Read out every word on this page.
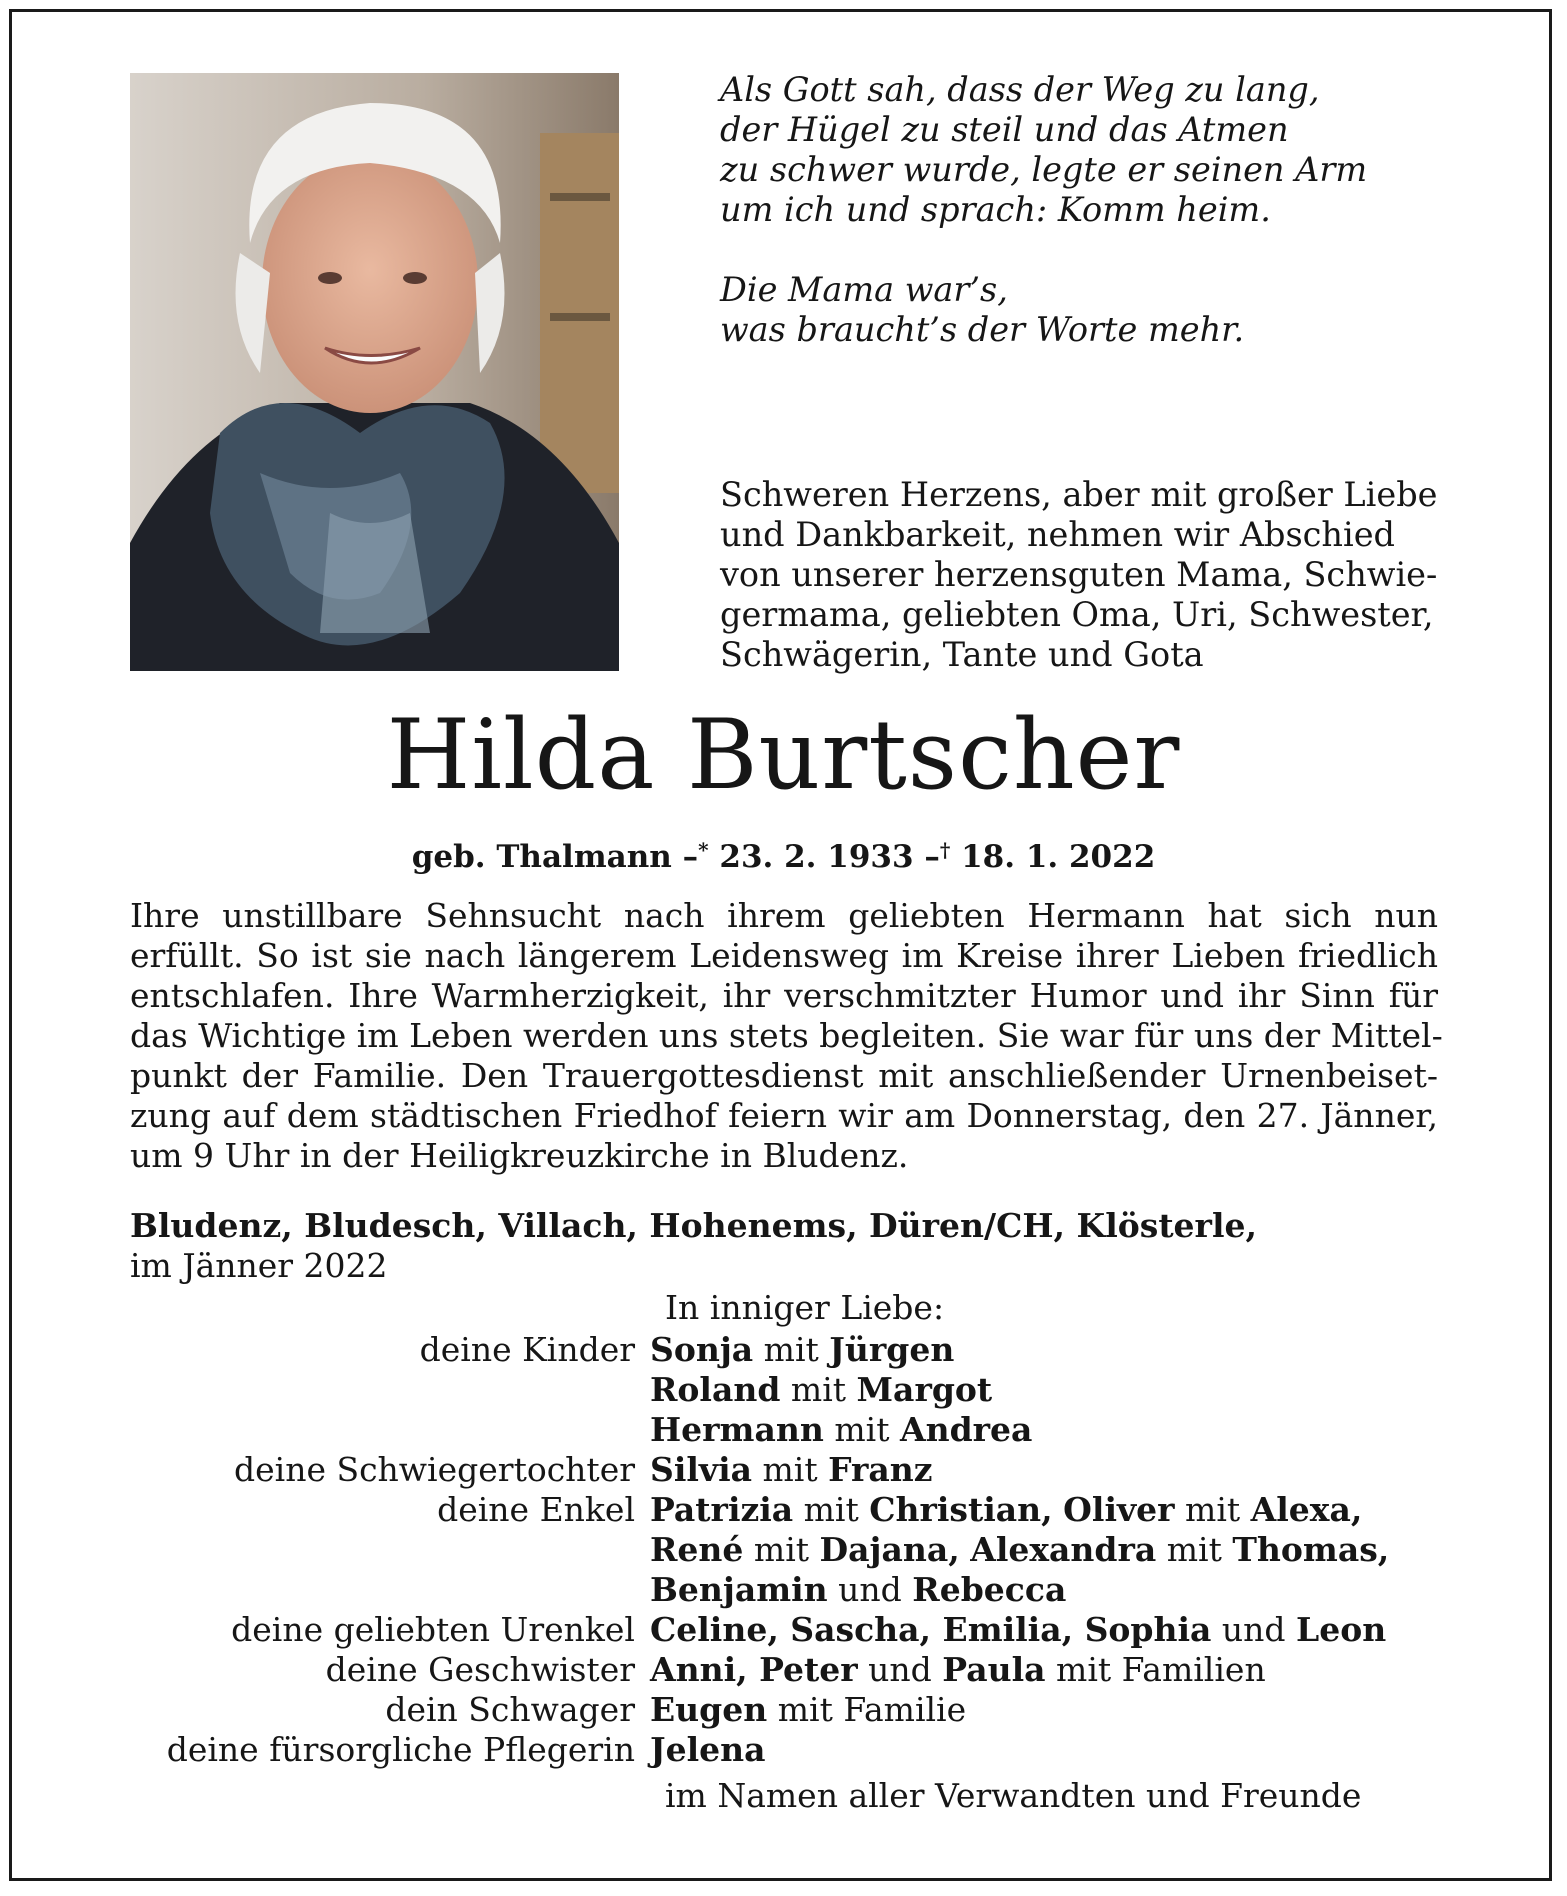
Als Gott sah, dass der Weg zu lang,

der Hügel zu steil und das Atmen

zu schwer wurde, legte er seinen Arm

um ich und sprach: Komm heim.

Die Mama war’s,

was braucht’s der Worte mehr.

Schweren Herzens, aber mit großer Liebe
und Dankbarkeit, nehmen wir Abschied
von unserer herzensguten Mama, Schwie-
germama, geliebten Oma, Uri, Schwester,
Schwägerin, Tante und Gota

Hilda Burtscher
geb. Thalmann –* 23. 2. 1933 –† 18. 1. 2022

Ihre unstillbare Sehnsucht nach ihrem geliebten Hermann hat sich nun
erfüllt. So ist sie nach längerem Leidensweg im Kreise ihrer Lieben friedlich
entschlafen. Ihre Warmherzigkeit, ihr verschmitzter Humor und ihr Sinn für
das Wichtige im Leben werden uns stets begleiten. Sie war für uns der Mittel-
punkt der Familie. Den Trauergottesdienst mit anschließender Urnenbeiset-
zung auf dem städtischen Friedhof feiern wir am Donnerstag, den 27. Jänner,
um 9 Uhr in der Heiligkreuzkirche in Bludenz.

Bludenz, Bludesch, Villach, Hohenems, Düren/CH, Klösterle,
im Jänner 2022
In inniger Liebe:
deine Kinder Sonja mit Jürgen
Roland mit Margot
Hermann mit Andrea
deine Schwiegertochter Silvia mit Franz
deine Enkel Patrizia mit Christian, Oliver mit Alexa,
René mit Dajana, Alexandra mit Thomas,
Benjamin und Rebecca
deine geliebten Urenkel Celine, Sascha, Emilia, Sophia und Leon
deine Geschwister Anni, Peter und Paula mit Familien
dein Schwager Eugen mit Familie
deine fürsorgliche Pflegerin Jelena
im Namen aller Verwandten und Freunde
